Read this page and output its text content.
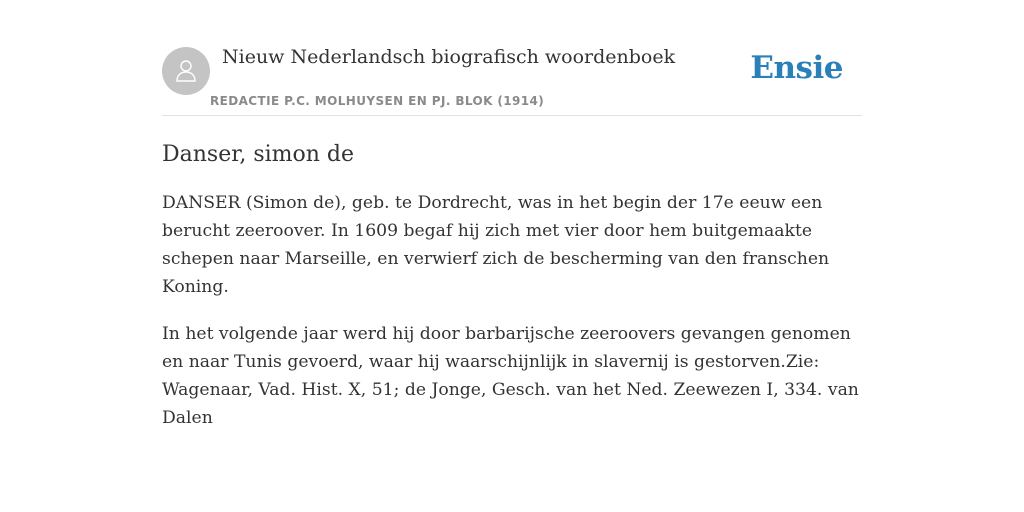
Nieuw Nederlandsch biografisch woordenboek
REDACTIE P.C. MOLHUYSEN EN PJ. BLOK (1914)
Ensie
Danser, simon de

DANSER (Simon de), geb. te Dordrecht, was in het begin der 17e eeuw een berucht zeeroover. In 1609 begaf hij zich met vier door hem buitgemaakte schepen naar Marseille, en verwierf zich de bescherming van den franschen Koning.

In het volgende jaar werd hij door barbarijsche zeeroovers gevangen genomen en naar Tunis gevoerd, waar hij waarschijnlijk in slavernij is gestorven.Zie: Wagenaar, Vad. Hist. X, 51; de Jonge, Gesch. van het Ned. Zeewezen I, 334. van Dalen
